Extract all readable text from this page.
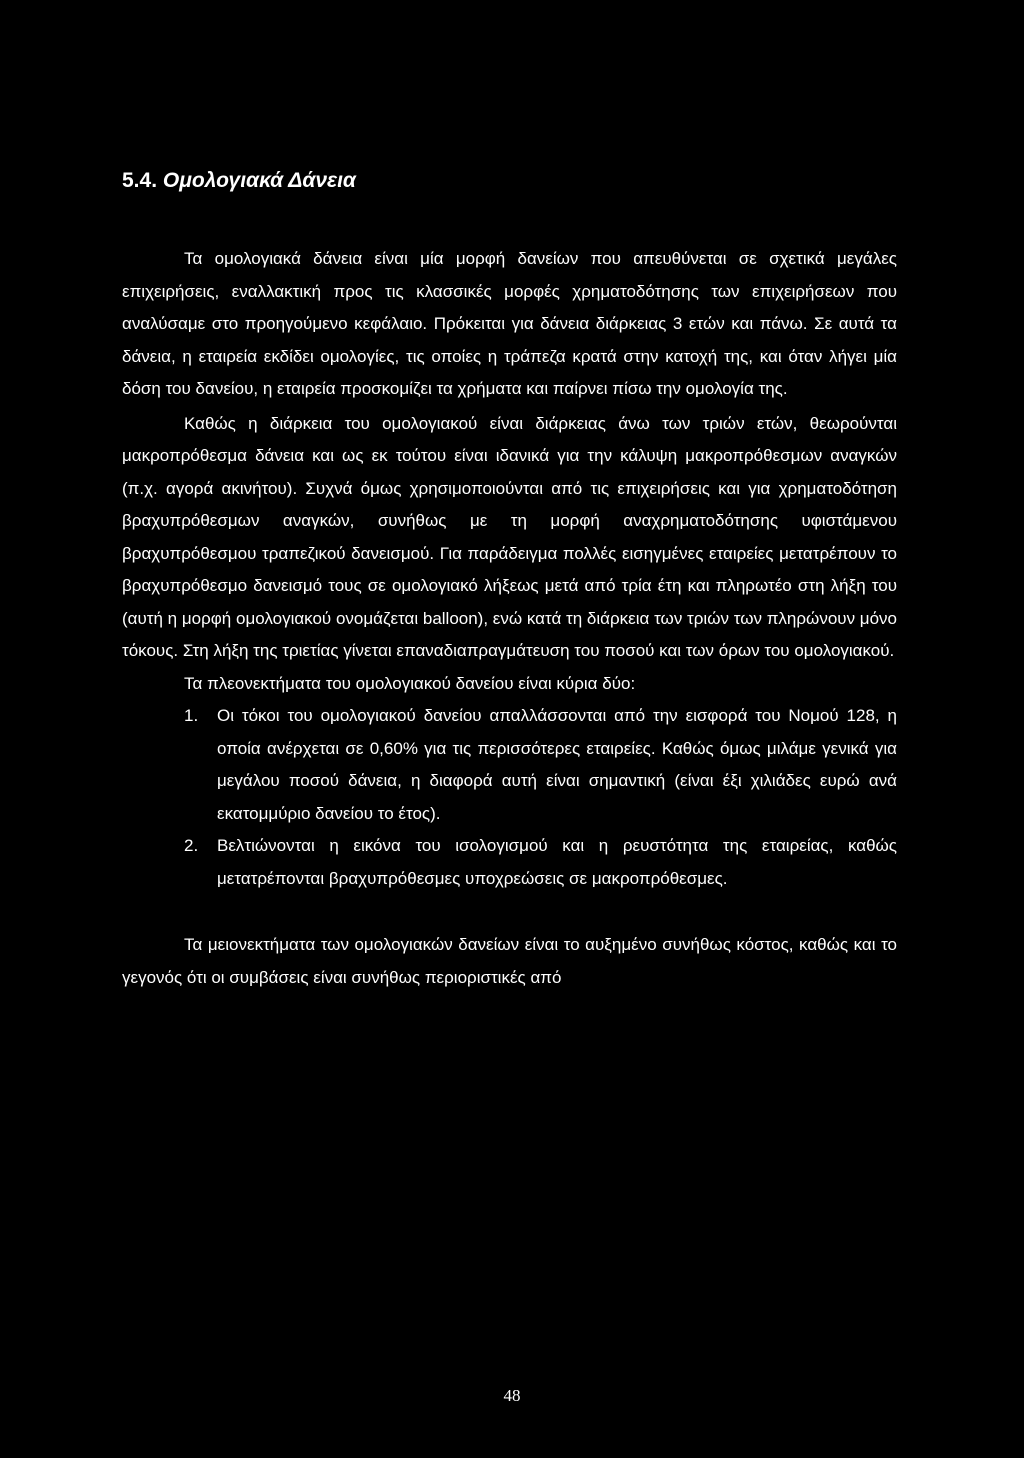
5.4. Ομολογιακά Δάνεια

Τα ομολογιακά δάνεια είναι μία μορφή δανείων που απευθύνεται σε σχετικά μεγάλες επιχειρήσεις, εναλλακτική προς τις κλασσικές μορφές χρηματοδότησης των επιχειρήσεων που αναλύσαμε στο προηγούμενο κεφάλαιο. Πρόκειται για δάνεια διάρκειας 3 ετών και πάνω. Σε αυτά τα δάνεια, η εταιρεία εκδίδει ομολογίες, τις οποίες η τράπεζα κρατά στην κατοχή της, και όταν λήγει μία δόση του δανείου, η εταιρεία προσκομίζει τα χρήματα και παίρνει πίσω την ομολογία της.

Καθώς η διάρκεια του ομολογιακού είναι διάρκειας άνω των τριών ετών, θεωρούνται μακροπρόθεσμα δάνεια και ως εκ τούτου είναι ιδανικά για την κάλυψη μακροπρόθεσμων αναγκών (π.χ. αγορά ακινήτου). Συχνά όμως χρησιμοποιούνται από τις επιχειρήσεις και για χρηματοδότηση βραχυπρόθεσμων αναγκών, συνήθως με τη μορφή αναχρηματοδότησης υφιστάμενου βραχυπρόθεσμου τραπεζικού δανεισμού. Για παράδειγμα πολλές εισηγμένες εταιρείες μετατρέπουν το βραχυπρόθεσμο δανεισμό τους σε ομολογιακό λήξεως μετά από τρία έτη και πληρωτέο στη λήξη του (αυτή η μορφή ομολογιακού ονομάζεται balloon), ενώ κατά τη διάρκεια των τριών των πληρώνουν μόνο τόκους. Στη λήξη της τριετίας γίνεται επαναδιαπραγμάτευση του ποσού και των όρων του ομολογιακού.

Τα πλεονεκτήματα του ομολογιακού δανείου είναι κύρια δύο:

1. Οι τόκοι του ομολογιακού δανείου απαλλάσσονται από την εισφορά του Νομού 128, η οποία ανέρχεται σε 0,60% για τις περισσότερες εταιρείες. Καθώς όμως μιλάμε γενικά για μεγάλου ποσού δάνεια, η διαφορά αυτή είναι σημαντική (είναι έξι χιλιάδες ευρώ ανά εκατομμύριο δανείου το έτος).
2. Βελτιώνονται η εικόνα του ισολογισμού και η ρευστότητα της εταιρείας, καθώς μετατρέπονται βραχυπρόθεσμες υποχρεώσεις σε μακροπρόθεσμες.

Τα μειονεκτήματα των ομολογιακών δανείων είναι το αυξημένο συνήθως κόστος, καθώς και το γεγονός ότι οι συμβάσεις είναι συνήθως περιοριστικές από

48
